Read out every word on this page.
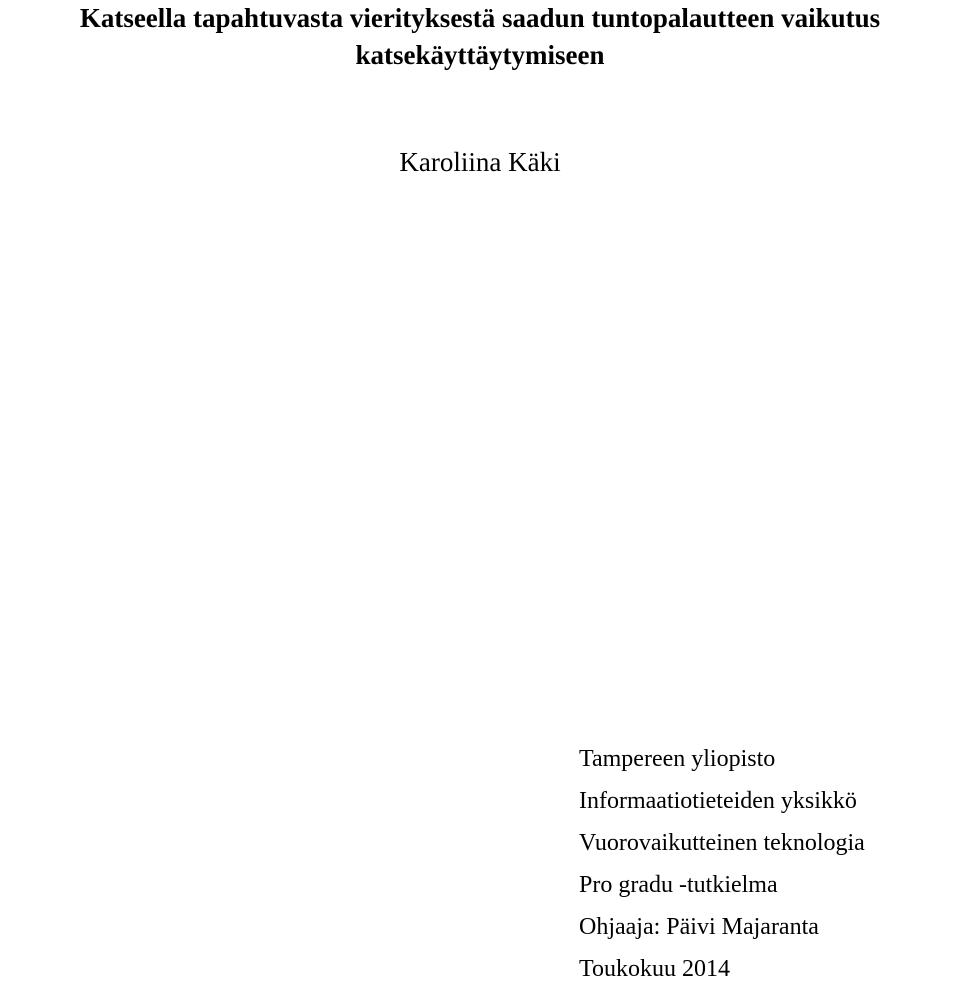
Katseella tapahtuvasta vierityksestä saadun tuntopalautteen vaikutus
katsekäyttäytymiseen
Karoliina Käki
Tampereen yliopisto
Informaatiotieteiden yksikkö
Vuorovaikutteinen teknologia
Pro gradu -tutkielma
Ohjaaja: Päivi Majaranta
Toukokuu 2014
